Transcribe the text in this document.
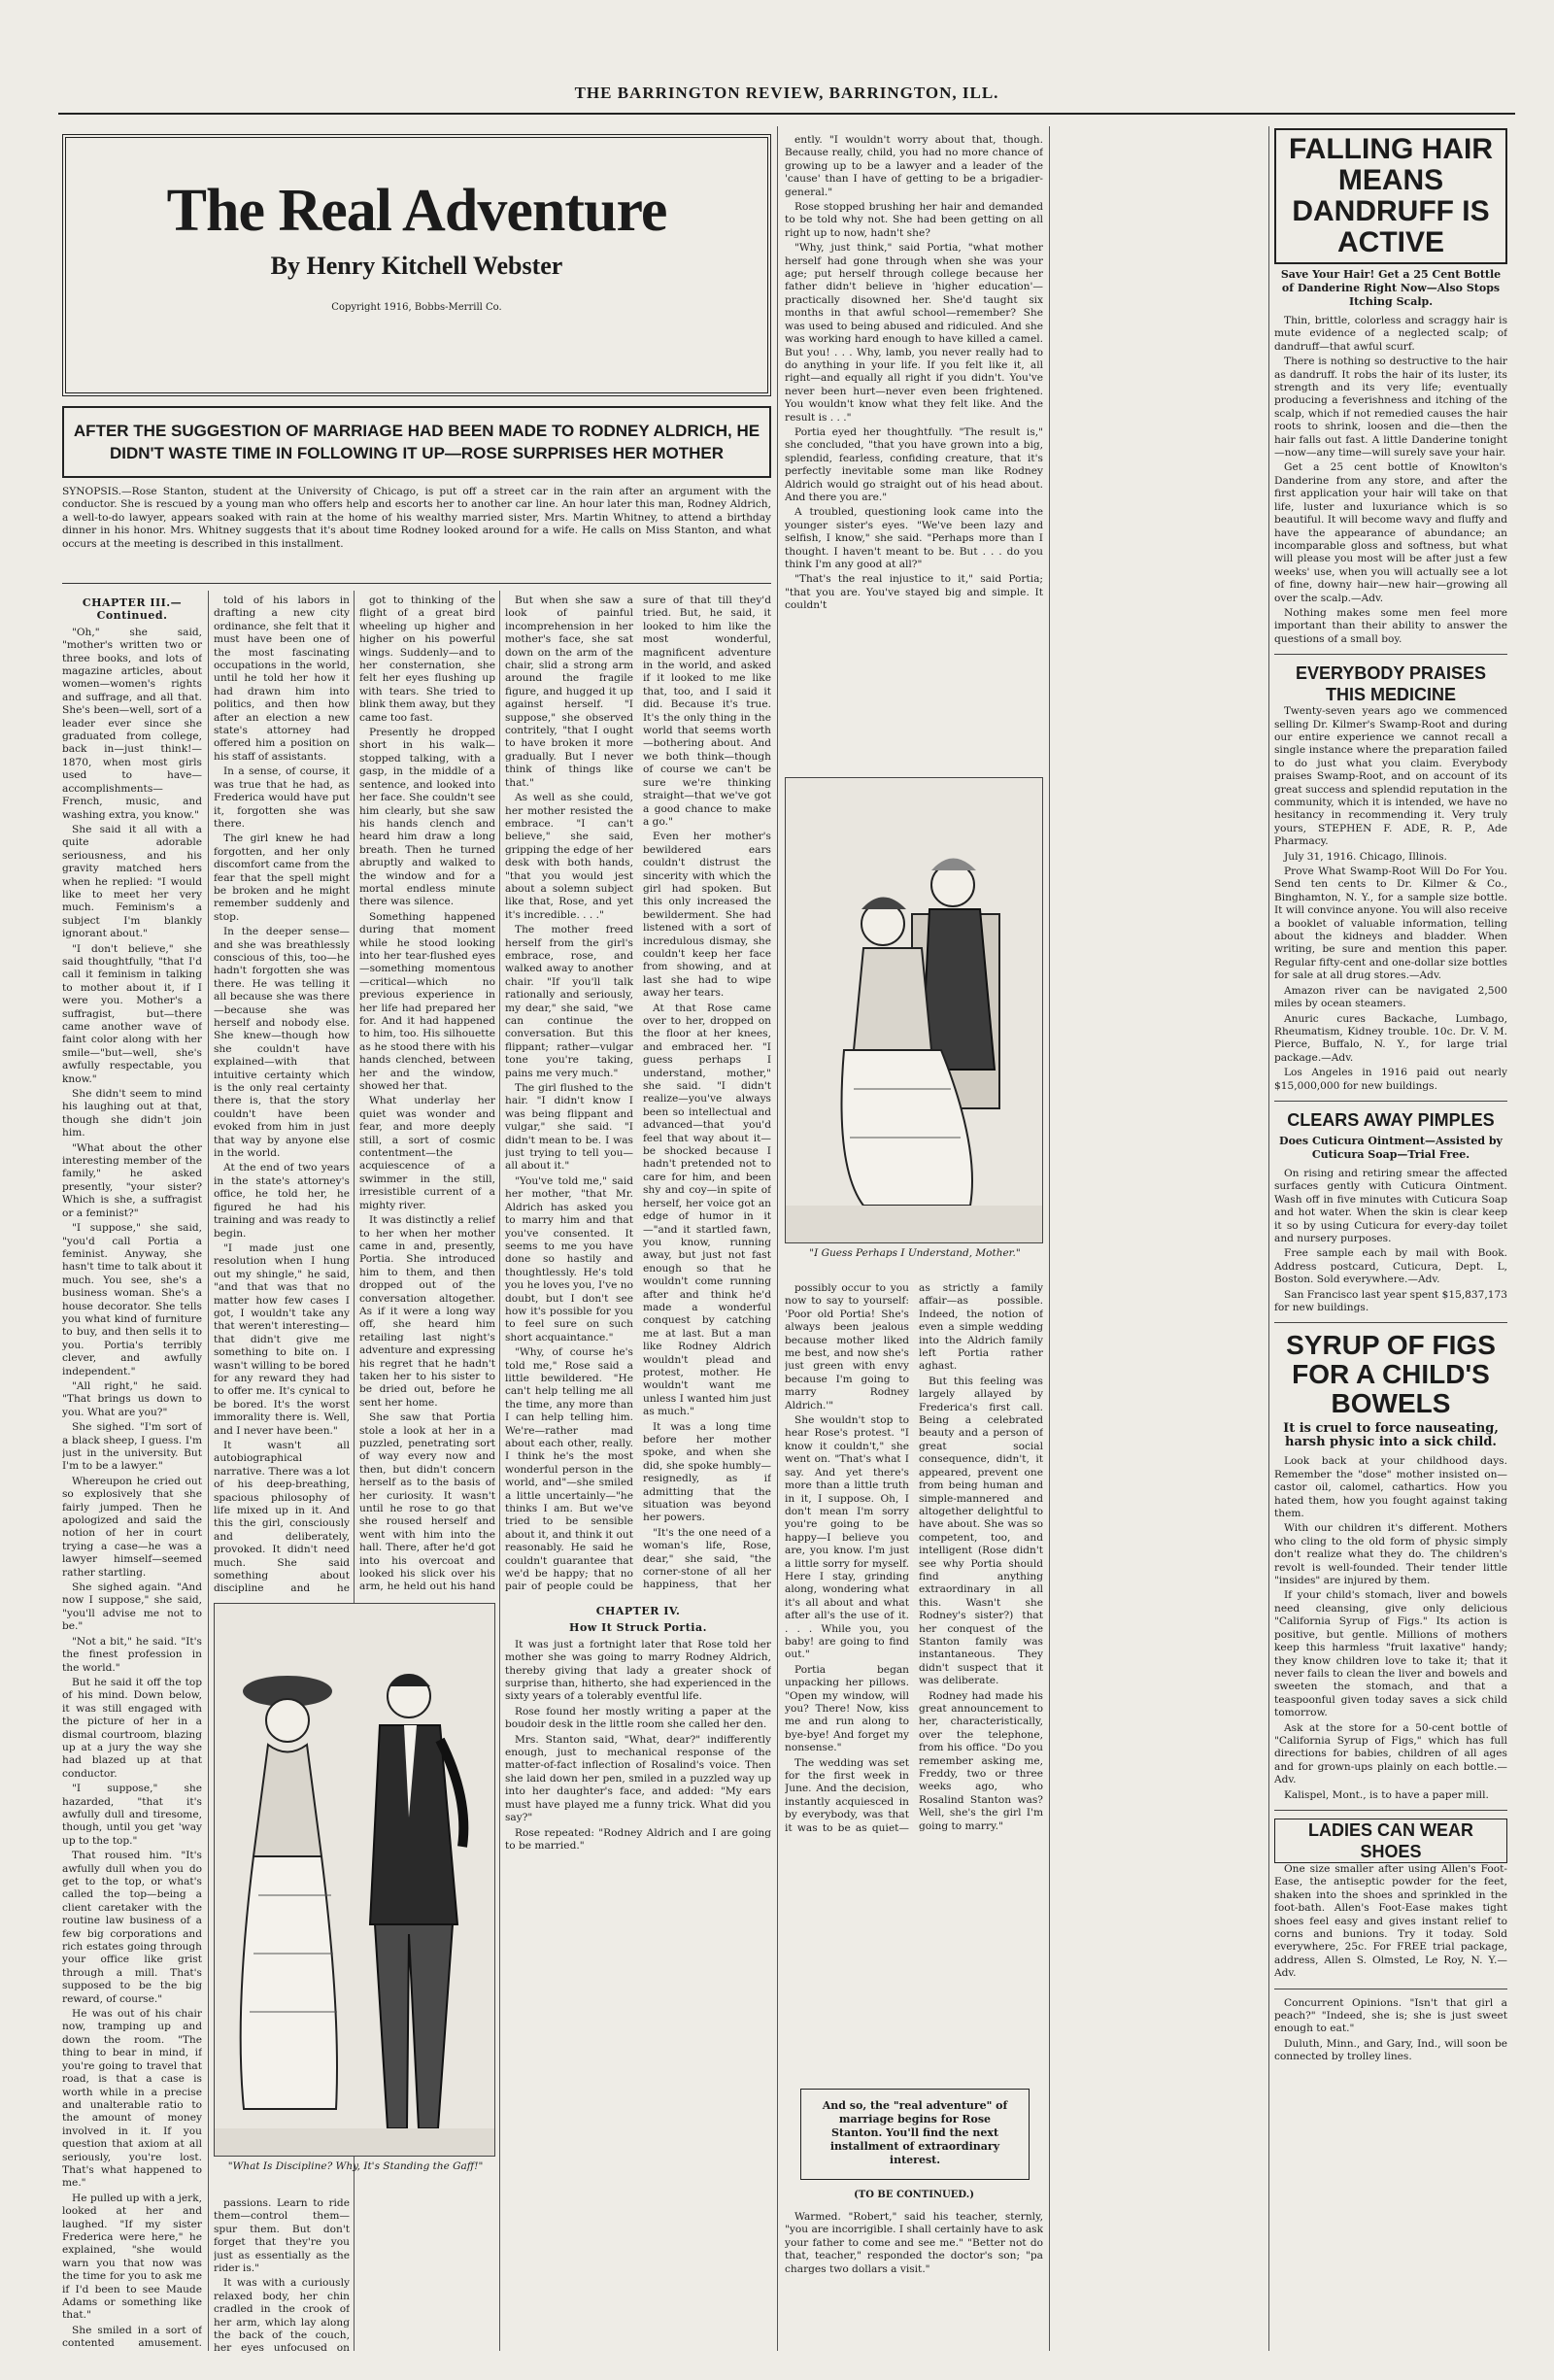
THE BARRINGTON REVIEW, BARRINGTON, ILL.
The Real Adventure
By Henry Kitchell Webster
Copyright 1916, Bobbs-Merrill Co.
AFTER THE SUGGESTION OF MARRIAGE HAD BEEN MADE TO RODNEY ALDRICH, HE DIDN'T WASTE TIME IN FOLLOWING IT UP—ROSE SURPRISES HER MOTHER
SYNOPSIS.—Rose Stanton, student at the University of Chicago, is put off a street car in the rain after an argument with the conductor. She is rescued by a young man who offers help and escorts her to another car line. An hour later this man, Rodney Aldrich, a well-to-do lawyer, appears soaked with rain at the home of his wealthy married sister, Mrs. Martin Whitney, to attend a birthday dinner in his honor. Mrs. Whitney suggests that it's about time Rodney looked around for a wife. He calls on Miss Stanton, and what occurs at the meeting is described in this installment.
CHAPTER III.—Continued.

"Oh," she said, "mother's written two or three books, and lots of magazine articles, about women—women's rights and suffrage, and all that. She's been—well, sort of a leader ever since she graduated from college, back in—just think!—1870, when most girls used to have—accomplishments—French, music, and washing extra, you know."

She said it all with a quite adorable seriousness, and his gravity matched hers when he replied: "I would like to meet her very much. Feminism's a subject I'm blankly ignorant about."

"I don't believe," she said thoughtfully, "that I'd call it feminism in talking to mother about it, if I were you. Mother's a suffragist, but—there came another wave of faint color along with her smile—"but—well, she's awfully respectable, you know."

She didn't seem to mind his laughing out at that, though she didn't join him.

"What about the other interesting member of the family," he asked presently, "your sister? Which is she, a suffragist or a feminist?"

"I suppose," she said, "you'd call Portia a feminist. Anyway, she hasn't time to talk about it much. You see, she's a business woman. She's a house decorator. She tells you what kind of furniture to buy, and then sells it to you. Portia's terribly clever, and awfully independent."

"All right," he said. "That brings us down to you. What are you?"

She sighed. "I'm sort of a black sheep, I guess. I'm just in the university. But I'm to be a lawyer."

Whereupon he cried out so explosively that she fairly jumped. Then he apologized and said the notion of her in court trying a case—he was a lawyer himself—seemed rather startling.

She sighed again. "And now I suppose," she said, "you'll advise me not to be."

"Not a bit," he said. "It's the finest profession in the world."

But he said it off the top of his mind. Down below, it was still engaged with the picture of her in a dismal courtroom, blazing up at a jury the way she had blazed up at that conductor.

"I suppose," she hazarded, "that it's awfully dull and tiresome, though, until you get 'way up to the top."

That roused him. "It's awfully dull when you do get to the top, or what's called the top—being a client caretaker with the routine law business of a few big corporations and rich estates going through your office like grist through a mill. That's supposed to be the big reward, of course."

He was out of his chair now, tramping up and down the room. "The thing to bear in mind, if you're going to travel that road, is that a case is worth while in a precise and unalterable ratio to the amount of money involved in it. If you question that axiom at all seriously, you're lost. That's what happened to me."

He pulled up with a jerk, looked at her and laughed. "If my sister Frederica were here," he explained, "she would warn you that now was the time for you to ask me if I'd been to see Maude Adams or something like that."

She smiled in a sort of contented amusement.

told of his labors in drafting a new city ordinance, she felt that it must have been one of the most fascinating occupations in the world, until he told her how it had drawn him into politics, and then how after an election a new state's attorney had offered him a position on his staff of assistants.

In a sense, of course, it was true that he had, as Frederica would have put it, forgotten she was there.

The girl knew he had forgotten, and her only discomfort came from the fear that the spell might be broken and he might remember suddenly and stop.

In the deeper sense—and she was breathlessly conscious of this, too—he hadn't forgotten she was there. He was telling it all because she was there—because she was herself and nobody else. She knew—though how she couldn't have explained—with that intuitive certainty which is the only real certainty there is, that the story couldn't have been evoked from him in just that way by anyone else in the world.

At the end of two years in the state's attorney's office, he told her, he figured he had his training and was ready to begin.

"I made just one resolution when I hung out my shingle," he said, "and that was that no matter how few cases I got, I wouldn't take any that weren't interesting—that didn't give me something to bite on. I wasn't willing to be bored for any reward they had to offer me. It's cynical to be bored. It's the worst immorality there is. Well, and I never have been."

It wasn't all autobiographical narrative. There was a lot of his deep-breathing, spacious philosophy of life mixed up in it. And this the girl, consciously and deliberately, provoked. It didn't need much. She said something about discipline and he

got to thinking of the flight of a great bird wheeling up higher and higher on his powerful wings. Suddenly—and to her consternation, she felt her eyes flushing up with tears. She tried to blink them away, but they came too fast.

Presently he dropped short in his walk—stopped talking, with a gasp, in the middle of a sentence, and looked into her face. She couldn't see him clearly, but she saw his hands clench and heard him draw a long breath. Then he turned abruptly and walked to the window and for a mortal endless minute there was silence.

Something happened during that moment while he stood looking into her tear-flushed eyes—something momentous—critical—which no previous experience in her life had prepared her for. And it had happened to him, too. His silhouette as he stood there with his hands clenched, between her and the window, showed her that.

What underlay her quiet was wonder and fear, and more deeply still, a sort of cosmic contentment—the acquiescence of a swimmer in the still, irresistible current of a mighty river.

It was distinctly a relief to her when her mother came in and, presently, Portia. She introduced him to them, and then dropped out of the conversation altogether. As if it were a long way off, she heard him retailing last night's adventure and expressing his regret that he hadn't taken her to his sister to be dried out, before he sent her home.

She saw that Portia stole a look at her in a puzzled, penetrating sort of way every now and then, but didn't concern herself as to the basis of her curiosity. It wasn't until he rose to go that she roused herself and went with him into the hall. There, after he'd got into his overcoat and looked his slick over his arm, he held out his hand

"What Is Discipline? Why, It's Standing the Gaff!"

passions. Learn to ride them—control them—spur them. But don't forget that they're you just as essentially as the rider is."

It was with a curiously relaxed body, her chin cradled in the crook of her arm, which lay along the back of the couch, her eyes unfocused on

CHAPTER IV.
How It Struck Portia.

It was just a fortnight later that Rose told her mother she was going to marry Rodney Aldrich, thereby giving that lady a greater shock of surprise than, hitherto, she had experienced in the sixty years of a tolerably eventful life.

Rose found her mostly writing a paper at the boudoir desk in the little room she called her den.

Mrs. Stanton said, "What, dear?" indifferently enough, just to mechanical response of the matter-of-fact inflection of Rosalind's voice. Then she laid down her pen, smiled in a puzzled way up into her daughter's face, and added: "My ears must have played me a funny trick. What did you say?"

Rose repeated: "Rodney Aldrich and I are going to be married."

But when she saw a look of painful incomprehension in her mother's face, she sat down on the arm of the chair, slid a strong arm around the fragile figure, and hugged it up against herself. "I suppose," she observed contritely, "that I ought to have broken it more gradually. But I never think of things like that."

As well as she could, her mother resisted the embrace. "I can't believe," she said, gripping the edge of her desk with both hands, "that you would jest about a solemn subject like that, Rose, and yet it's incredible. . . ."

The mother freed herself from the girl's embrace, rose, and walked away to another chair. "If you'll talk rationally and seriously, my dear," she said, "we can continue the conversation. But this flippant; rather—vulgar tone you're taking, pains me very much."

The girl flushed to the hair. "I didn't know I was being flippant and vulgar," she said. "I didn't mean to be. I was just trying to tell you—all about it."

"You've told me," said her mother, "that Mr. Aldrich has asked you to marry him and that you've consented. It seems to me you have done so hastily and thoughtlessly. He's told you he loves you, I've no doubt, but I don't see how it's possible for you to feel sure on such short acquaintance."

"Why, of course he's told me," Rose said a little bewildered. "He can't help telling me all the time, any more than I can help telling him. We're—rather mad about each other, really. I think he's the most wonderful person in the world, and"—she smiled a little uncertainly—"he thinks I am. But we've tried to be sensible about it, and think it out reasonably. He said he couldn't guarantee that we'd be happy; that no pair of people could be sure of that till they'd tried. But, he said, it looked to him like the most wonderful, magnificent adventure in the world, and asked if it looked to me like that, too, and I said it did. Because it's true. It's the only thing in the world that seems worth—bothering about. And we both think—though of course we can't be sure we're thinking straight—that we've got a good chance to make a go."

Even her mother's bewildered ears couldn't distrust the sincerity with which the girl had spoken. But this only increased the bewilderment. She had listened with a sort of incredulous dismay, she couldn't keep her face from showing, and at last she had to wipe away her tears.

At that Rose came over to her, dropped on the floor at her knees, and embraced her. "I guess perhaps I understand, mother," she said. "I didn't realize—you've always been so intellectual and advanced—that you'd feel that way about it—be shocked because I hadn't pretended not to care for him, and been shy and coy—in spite of herself, her voice got an edge of humor in it—"and it startled fawn, you know, running away, but just not fast enough so that he wouldn't come running after and think he'd made a wonderful conquest by catching me at last. But a man like Rodney Aldrich wouldn't plead and protest, mother. He wouldn't want me unless I wanted him just as much."

It was a long time before her mother spoke, and when she did, she spoke humbly—resignedly, as if admitting that the situation was beyond her powers.

"It's the one need of a woman's life, Rose, dear," she said, "the corner-stone of all her happiness, that her

ently. "I wouldn't worry about that, though. Because really, child, you had no more chance of growing up to be a lawyer and a leader of the 'cause' than I have of getting to be a brigadier-general."

Rose stopped brushing her hair and demanded to be told why not. She had been getting on all right up to now, hadn't she?

"Why, just think," said Portia, "what mother herself had gone through when she was your age; put herself through college because her father didn't believe in 'higher education'—practically disowned her. She'd taught six months in that awful school—remember? She was used to being abused and ridiculed. And she was working hard enough to have killed a camel. But you! . . . Why, lamb, you never really had to do anything in your life. If you felt like it, all right—and equally all right if you didn't. You've never been hurt—never even been frightened. You wouldn't know what they felt like. And the result is . . ."

Portia eyed her thoughtfully. "The result is," she concluded, "that you have grown into a big, splendid, fearless, confiding creature, that it's perfectly inevitable some man like Rodney Aldrich would go straight out of his head about. And there you are."

A troubled, questioning look came into the younger sister's eyes. "We've been lazy and selfish, I know," she said. "Perhaps more than I thought. I haven't meant to be. But . . . do you think I'm any good at all?"

"That's the real injustice to it," said Portia; "that you are. You've stayed big and simple. It couldn't

"I Guess Perhaps I Understand, Mother."

possibly occur to you now to say to yourself: 'Poor old Portia! She's always been jealous because mother liked me best, and now she's just green with envy because I'm going to marry Rodney Aldrich.'"

She wouldn't stop to hear Rose's protest. "I know it couldn't," she went on. "That's what I say. And yet there's more than a little truth in it, I suppose. Oh, I don't mean I'm sorry you're going to be happy—I believe you are, you know. I'm just a little sorry for myself. Here I stay, grinding along, wondering what it's all about and what after all's the use of it. . . . While you, you baby! are going to find out."

Portia began unpacking her pillows. "Open my window, will you? There! Now, kiss me and run along to bye-bye! And forget my nonsense."

The wedding was set for the first week in June. And the decision, instantly acquiesced in by everybody, was that it was to be as quiet—as strictly a family affair—as possible. Indeed, the notion of even a simple wedding into the Aldrich family left Portia rather aghast.

But this feeling was largely allayed by Frederica's first call. Being a celebrated beauty and a person of great social consequence, didn't, it appeared, prevent one from being human and simple-mannered and altogether delightful to have about. She was so competent, too, and intelligent (Rose didn't see why Portia should find anything extraordinary in all this. Wasn't she Rodney's sister?) that her conquest of the Stanton family was instantaneous. They didn't suspect that it was deliberate.

Rodney had made his great announcement to her, characteristically, over the telephone, from his office. "Do you remember asking me, Freddy, two or three weeks ago, who Rosalind Stanton was? Well, she's the girl I'm going to marry."

And so, the "real adventure" of marriage begins for Rose Stanton. You'll find the next installment of extraordinary interest.
(TO BE CONTINUED.)

Warmed. "Robert," said his teacher, sternly, "you are incorrigible. I shall certainly have to ask your father to come and see me." "Better not do that, teacher," responded the doctor's son; "pa charges two dollars a visit."

FALLING HAIR MEANS DANDRUFF IS ACTIVE
Save Your Hair! Get a 25 Cent Bottle of Danderine Right Now—Also Stops Itching Scalp.

Thin, brittle, colorless and scraggy hair is mute evidence of a neglected scalp; of dandruff—that awful scurf.

There is nothing so destructive to the hair as dandruff. It robs the hair of its luster, its strength and its very life; eventually producing a feverishness and itching of the scalp, which if not remedied causes the hair roots to shrink, loosen and die—then the hair falls out fast. A little Danderine tonight—now—any time—will surely save your hair.

Get a 25 cent bottle of Knowlton's Danderine from any store, and after the first application your hair will take on that life, luster and luxuriance which is so beautiful. It will become wavy and fluffy and have the appearance of abundance; an incomparable gloss and softness, but what will please you most will be after just a few weeks' use, when you will actually see a lot of fine, downy hair—new hair—growing all over the scalp.—Adv.

Nothing makes some men feel more important than their ability to answer the questions of a small boy.

EVERYBODY PRAISES THIS MEDICINE

Twenty-seven years ago we commenced selling Dr. Kilmer's Swamp-Root and during our entire experience we cannot recall a single instance where the preparation failed to do just what you claim. Everybody praises Swamp-Root, and on account of its great success and splendid reputation in the community, which it is intended, we have no hesitancy in recommending it. Very truly yours, STEPHEN F. ADE, R. P., Ade Pharmacy.

July 31, 1916. Chicago, Illinois.

Prove What Swamp-Root Will Do For You. Send ten cents to Dr. Kilmer & Co., Binghamton, N. Y., for a sample size bottle. It will convince anyone. You will also receive a booklet of valuable information, telling about the kidneys and bladder. When writing, be sure and mention this paper. Regular fifty-cent and one-dollar size bottles for sale at all drug stores.—Adv.

Amazon river can be navigated 2,500 miles by ocean steamers.

Anuric cures Backache, Lumbago, Rheumatism, Kidney trouble. 10c. Dr. V. M. Pierce, Buffalo, N. Y., for large trial package.—Adv.

Los Angeles in 1916 paid out nearly $15,000,000 for new buildings.

CLEARS AWAY PIMPLES
Does Cuticura Ointment—Assisted by Cuticura Soap—Trial Free.

On rising and retiring smear the affected surfaces gently with Cuticura Ointment. Wash off in five minutes with Cuticura Soap and hot water. When the skin is clear keep it so by using Cuticura for every-day toilet and nursery purposes.

Free sample each by mail with Book. Address postcard, Cuticura, Dept. L, Boston. Sold everywhere.—Adv.

San Francisco last year spent $15,837,173 for new buildings.

SYRUP OF FIGS FOR A CHILD'S BOWELS
It is cruel to force nauseating, harsh physic into a sick child.

Look back at your childhood days. Remember the "dose" mother insisted on—castor oil, calomel, cathartics. How you hated them, how you fought against taking them.

With our children it's different. Mothers who cling to the old form of physic simply don't realize what they do. The children's revolt is well-founded. Their tender little "insides" are injured by them.

If your child's stomach, liver and bowels need cleansing, give only delicious "California Syrup of Figs." Its action is positive, but gentle. Millions of mothers keep this harmless "fruit laxative" handy; they know children love to take it; that it never fails to clean the liver and bowels and sweeten the stomach, and that a teaspoonful given today saves a sick child tomorrow.

Ask at the store for a 50-cent bottle of "California Syrup of Figs," which has full directions for babies, children of all ages and for grown-ups plainly on each bottle.—Adv.

Kalispel, Mont., is to have a paper mill.

LADIES CAN WEAR SHOES

One size smaller after using Allen's Foot-Ease, the antiseptic powder for the feet, shaken into the shoes and sprinkled in the foot-bath. Allen's Foot-Ease makes tight shoes feel easy and gives instant relief to corns and bunions. Try it today. Sold everywhere, 25c. For FREE trial package, address, Allen S. Olmsted, Le Roy, N. Y.—Adv.

Concurrent Opinions. "Isn't that girl a peach?" "Indeed, she is; she is just sweet enough to eat."

Duluth, Minn., and Gary, Ind., will soon be connected by trolley lines.
